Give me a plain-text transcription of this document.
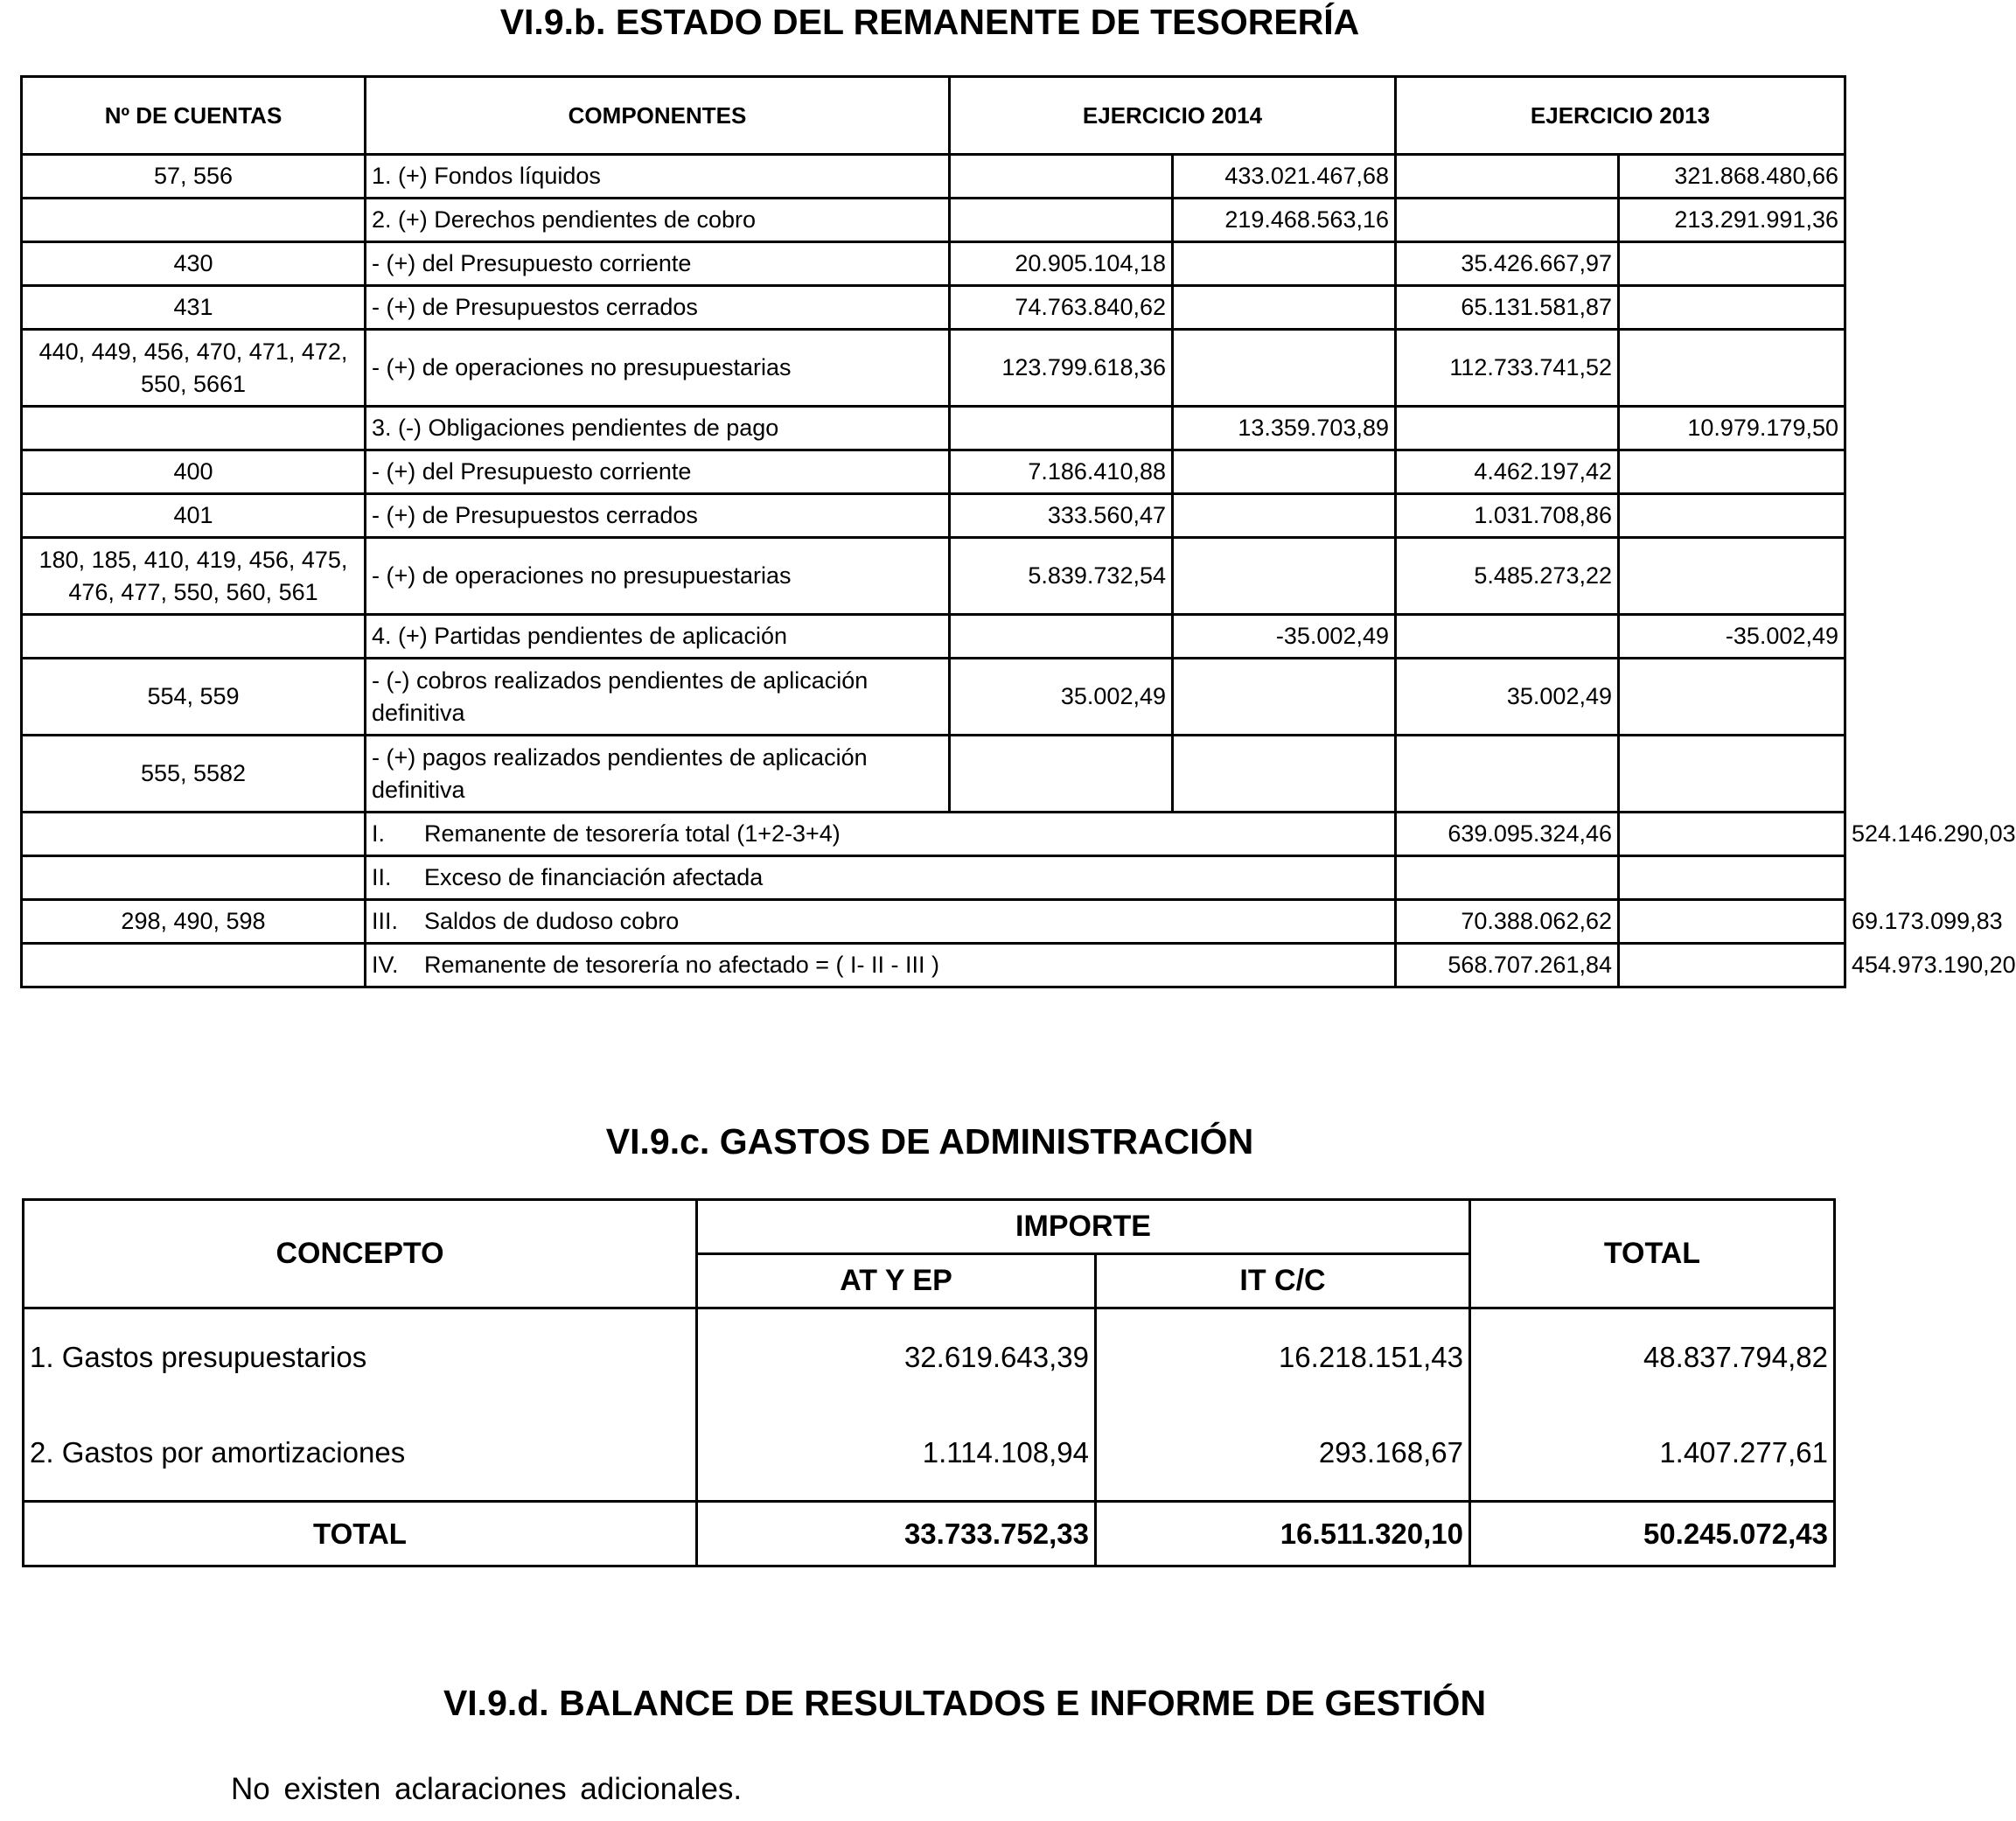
VI.9.b. ESTADO DEL REMANENTE DE TESORERÍA
Nº DE CUENTAS	COMPONENTES	EJERCICIO 2014		EJERCICIO 2013		
57, 556	1. (+) Fondos líquidos		433.021.467,68		321.868.480,66	
	2. (+) Derechos pendientes de cobro		219.468.563,16		213.291.991,36	
430	- (+) del Presupuesto corriente	20.905.104,18		35.426.667,97		
431	- (+) de Presupuestos cerrados	74.763.840,62		65.131.581,87		
440, 449, 456, 470, 471, 472, 550, 5661	- (+) de operaciones no presupuestarias	123.799.618,36		112.733.741,52		
	3. (-) Obligaciones pendientes de pago		13.359.703,89		10.979.179,50	
400	- (+) del Presupuesto corriente	7.186.410,88		4.462.197,42		
401	- (+) de Presupuestos cerrados	333.560,47		1.031.708,86		
180, 185, 410, 419, 456, 475, 476, 477, 550, 560, 561	- (+) de operaciones no presupuestarias	5.839.732,54		5.485.273,22		
	4. (+) Partidas pendientes de aplicación		-35.002,49		-35.002,49	
554, 559	- (-) cobros realizados pendientes de aplicación definitiva	35.002,49		35.002,49		
555, 5582	- (+) pagos realizados pendientes de aplicación definitiva					
	I. Remanente de tesorería total (1+2-3+4)			639.095.324,46		524.146.290,03
	II. Exceso de financiación afectada					
298, 490, 598	III. Saldos de dudoso cobro			70.388.062,62		69.173.099,83
	IV. Remanente de tesorería no afectado = ( I- II - III )			568.707.261,84		454.973.190,20
VI.9.c. GASTOS DE ADMINISTRACIÓN
CONCEPTO	IMPORTE		TOTAL
	AT Y EP	IT C/C	
1. Gastos presupuestarios	32.619.643,39	16.218.151,43	48.837.794,82
2. Gastos por amortizaciones	1.114.108,94	293.168,67	1.407.277,61
TOTAL	33.733.752,33	16.511.320,10	50.245.072,43
VI.9.d. BALANCE DE RESULTADOS E INFORME DE GESTIÓN

No existen aclaraciones adicionales.
